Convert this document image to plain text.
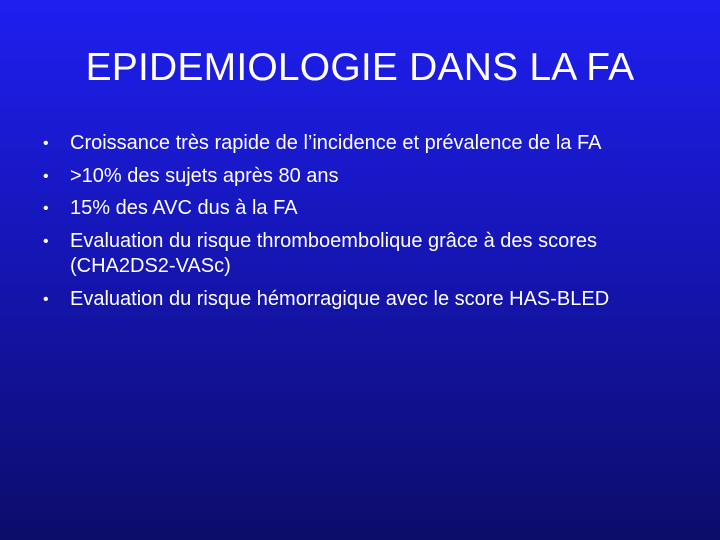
EPIDEMIOLOGIE DANS LA FA
• Croissance très rapide de l’incidence et prévalence de la FA
• >10% des sujets après 80 ans
• 15% des AVC dus à la FA
• Evaluation du risque thromboembolique grâce à des scores (CHA2DS2-VASc)
• Evaluation du risque hémorragique avec le score HAS-BLED
